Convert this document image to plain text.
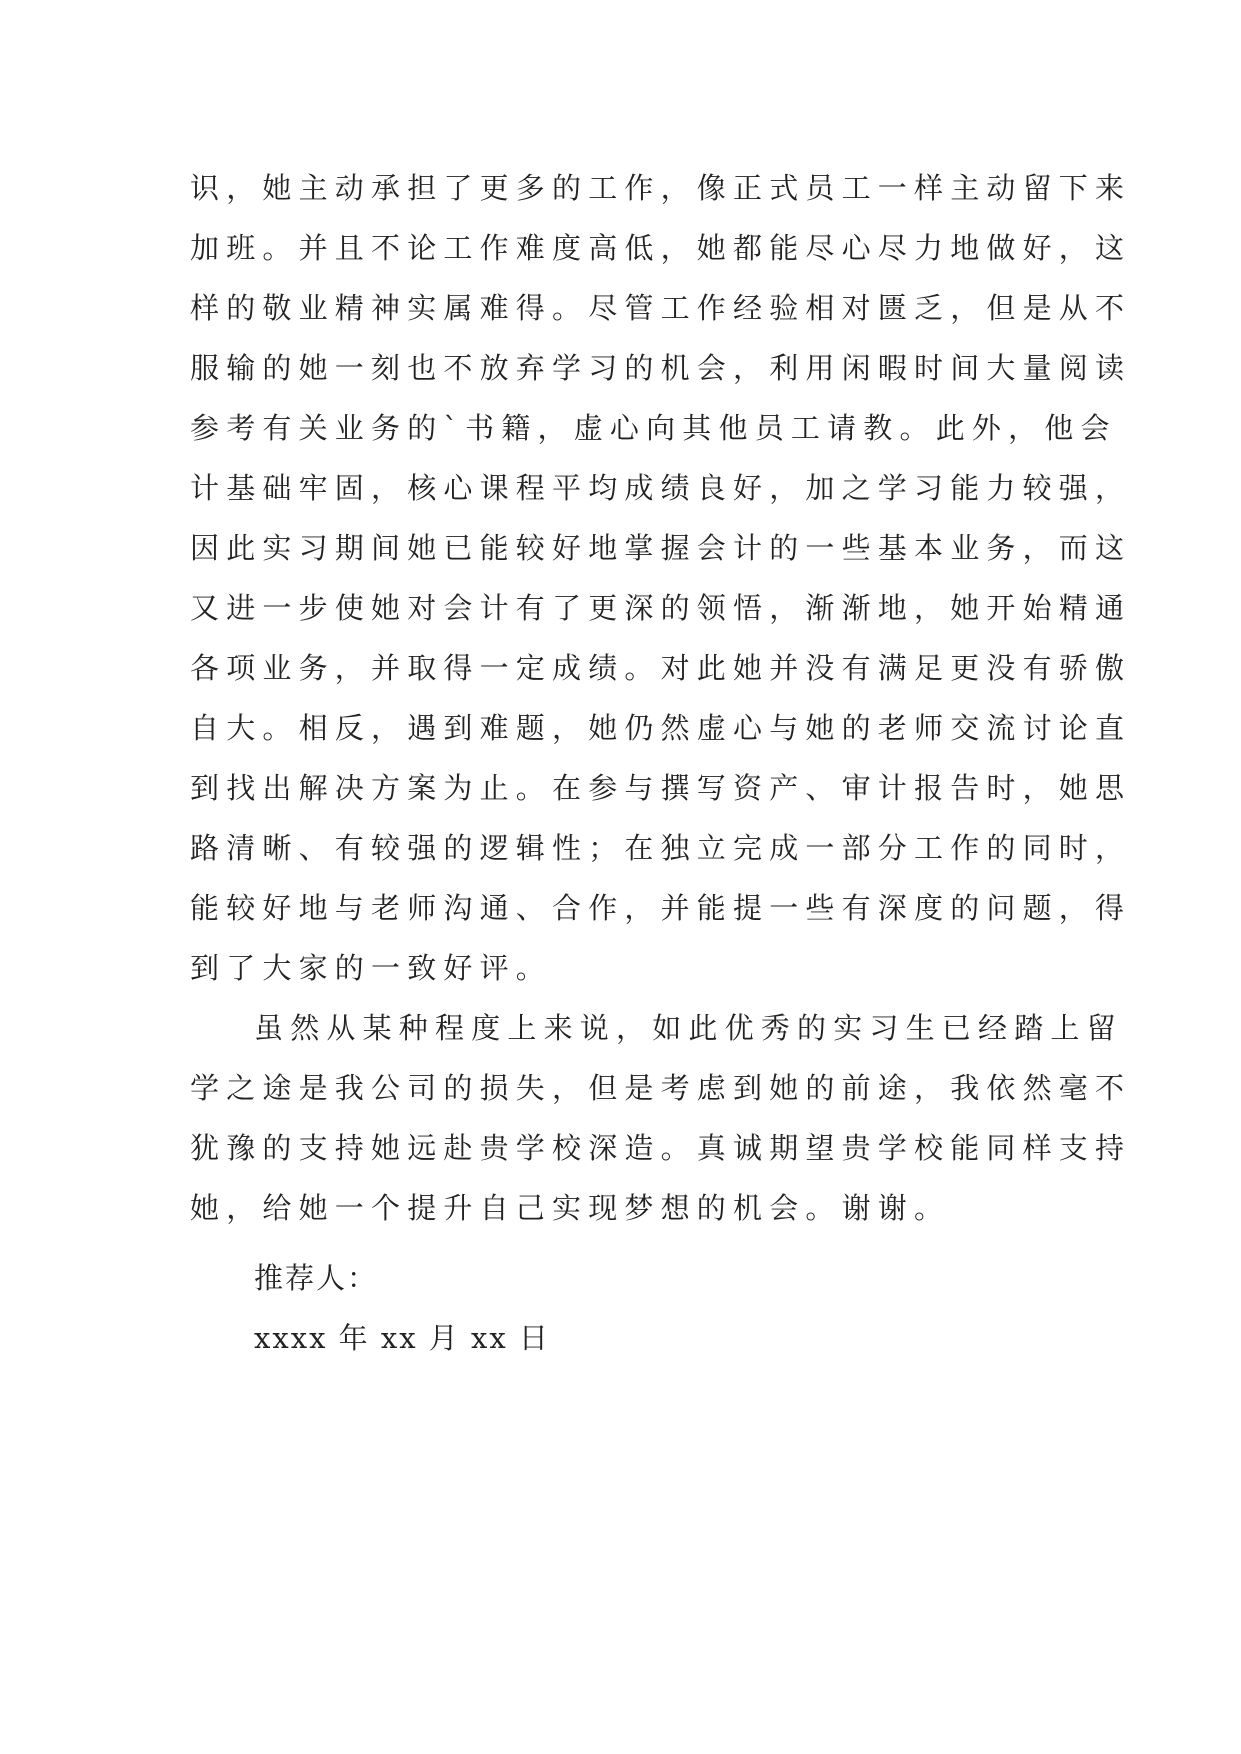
识，她主动承担了更多的工作，像正式员工一样主动留下来
加班。并且不论工作难度高低，她都能尽心尽力地做好，这
样的敬业精神实属难得。尽管工作经验相对匮乏，但是从不
服输的她一刻也不放弃学习的机会，利用闲暇时间大量阅读
参考有关业务的`书籍，虚心向其他员工请教。此外，他会
计基础牢固，核心课程平均成绩良好，加之学习能力较强，
因此实习期间她已能较好地掌握会计的一些基本业务，而这
又进一步使她对会计有了更深的领悟，渐渐地，她开始精通
各项业务，并取得一定成绩。对此她并没有满足更没有骄傲
自大。相反，遇到难题，她仍然虚心与她的老师交流讨论直
到找出解决方案为止。在参与撰写资产、审计报告时，她思
路清晰、有较强的逻辑性；在独立完成一部分工作的同时，
能较好地与老师沟通、合作，并能提一些有深度的问题，得
到了大家的一致好评。
虽然从某种程度上来说，如此优秀的实习生已经踏上留
学之途是我公司的损失，但是考虑到她的前途，我依然毫不
犹豫的支持她远赴贵学校深造。真诚期望贵学校能同样支持
她，给她一个提升自己实现梦想的机会。谢谢。
推荐人：
xxxx 年 xx 月 xx 日
